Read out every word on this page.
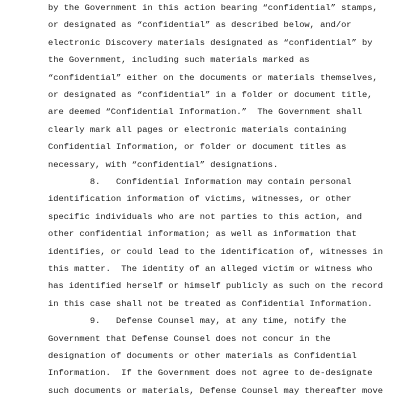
by the Government in this action bearing “confidential” stamps,

or designated as “confidential” as described below, and/or

electronic Discovery materials designated as “confidential” by

the Government, including such materials marked as

“confidential” either on the documents or materials themselves,

or designated as “confidential” in a folder or document title,

are deemed “Confidential Information.”  The Government shall

clearly mark all pages or electronic materials containing

Confidential Information, or folder or document titles as

necessary, with “confidential” designations.

8.   Confidential Information may contain personal

identification information of victims, witnesses, or other

specific individuals who are not parties to this action, and

other confidential information; as well as information that

identifies, or could lead to the identification of, witnesses in

this matter.  The identity of an alleged victim or witness who

has identified herself or himself publicly as such on the record

in this case shall not be treated as Confidential Information.

9.   Defense Counsel may, at any time, notify the

Government that Defense Counsel does not concur in the

designation of documents or other materials as Confidential

Information.  If the Government does not agree to de-designate

such documents or materials, Defense Counsel may thereafter move
